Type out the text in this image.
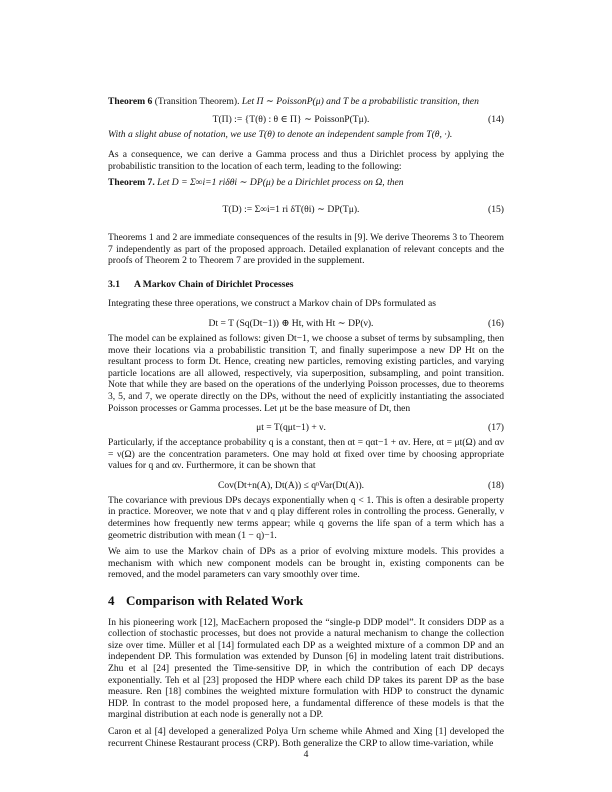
Theorem 6 (Transition Theorem). Let Π ∼ PoissonP(μ) and T be a probabilistic transition, then
T(Π) := {T(θ) : θ ∈ Π} ∼ PoissonP(Tμ).	(14)

With a slight abuse of notation, we use T(θ) to denote an independent sample from T(θ, ·).

As a consequence, we can derive a Gamma process and thus a Dirichlet process by applying the probabilistic transition to the location of each term, leading to the following:

Theorem 7. Let D = Σ∞i=1 riδθi ∼ DP(μ) be a Dirichlet process on Ω, then
T(D) := Σ∞i=1 ri δT(θi) ∼ DP(Tμ).	(15)

Theorems 1 and 2 are immediate consequences of the results in [9]. We derive Theorems 3 to Theorem 7 independently as part of the proposed approach. Detailed explanation of relevant concepts and the proofs of Theorem 2 to Theorem 7 are provided in the supplement.

3.1 A Markov Chain of Dirichlet Processes

Integrating these three operations, we construct a Markov chain of DPs formulated as

Dt = T (Sq(Dt−1)) ⊕ Ht, with Ht ∼ DP(ν).	(16)

The model can be explained as follows: given Dt−1, we choose a subset of terms by subsampling, then move their locations via a probabilistic transition T, and finally superimpose a new DP Ht on the resultant process to form Dt. Hence, creating new particles, removing existing particles, and varying particle locations are all allowed, respectively, via superposition, subsampling, and point transition. Note that while they are based on the operations of the underlying Poisson processes, due to theorems 3, 5, and 7, we operate directly on the DPs, without the need of explicitly instantiating the associated Poisson processes or Gamma processes. Let μt be the base measure of Dt, then

μt = T(qμt−1) + ν.	(17)

Particularly, if the acceptance probability q is a constant, then αt = qαt−1 + αν. Here, αt = μt(Ω) and αν = ν(Ω) are the concentration parameters. One may hold αt fixed over time by choosing appropriate values for q and αν. Furthermore, it can be shown that

Cov(Dt+n(A), Dt(A)) ≤ qⁿVar(Dt(A)).	(18)

The covariance with previous DPs decays exponentially when q < 1. This is often a desirable property in practice. Moreover, we note that ν and q play different roles in controlling the process. Generally, ν determines how frequently new terms appear; while q governs the life span of a term which has a geometric distribution with mean (1 − q)−1.

We aim to use the Markov chain of DPs as a prior of evolving mixture models. This provides a mechanism with which new component models can be brought in, existing components can be removed, and the model parameters can vary smoothly over time.

4 Comparison with Related Work

In his pioneering work [12], MacEachern proposed the “single-p DDP model”. It considers DDP as a collection of stochastic processes, but does not provide a natural mechanism to change the collection size over time. Müller et al [14] formulated each DP as a weighted mixture of a common DP and an independent DP. This formulation was extended by Dunson [6] in modeling latent trait distributions. Zhu et al [24] presented the Time-sensitive DP, in which the contribution of each DP decays exponentially. Teh et al [23] proposed the HDP where each child DP takes its parent DP as the base measure. Ren [18] combines the weighted mixture formulation with HDP to construct the dynamic HDP. In contrast to the model proposed here, a fundamental difference of these models is that the marginal distribution at each node is generally not a DP.

Caron et al [4] developed a generalized Polya Urn scheme while Ahmed and Xing [1] developed the recurrent Chinese Restaurant process (CRP). Both generalize the CRP to allow time-variation, while

4
